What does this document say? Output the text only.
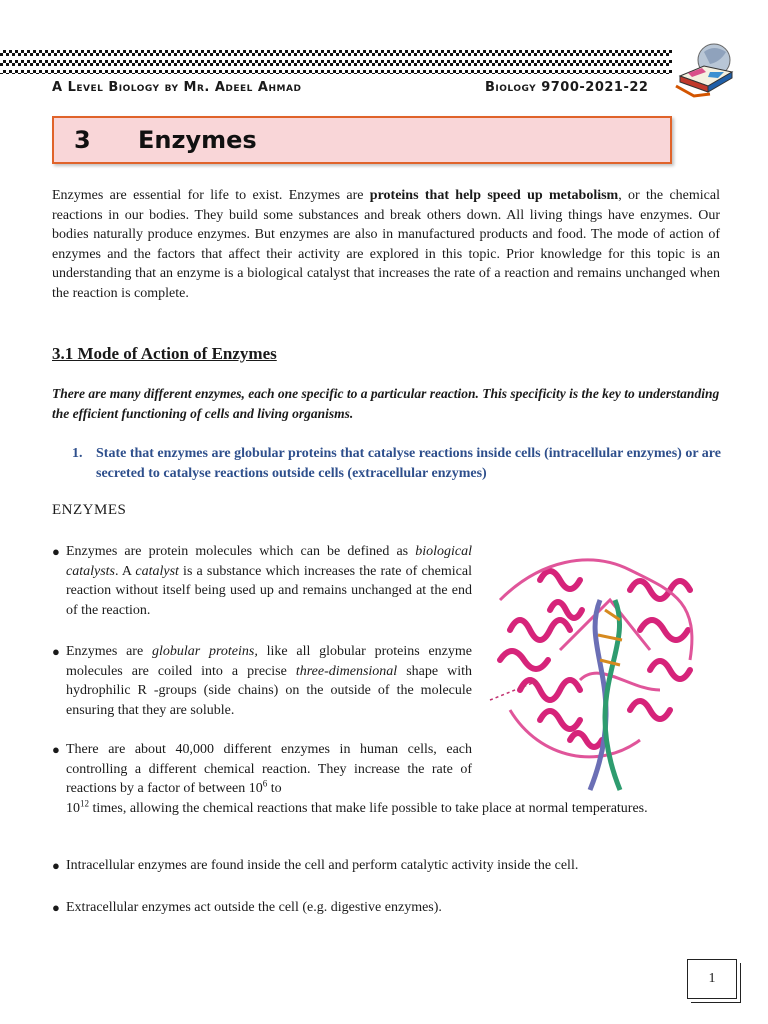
A Level Biology by Mr. Adeel Ahmad	Biology 9700-2021-22
3 Enzymes

Enzymes are essential for life to exist. Enzymes are proteins that help speed up metabolism, or the chemical reactions in our bodies. They build some substances and break others down. All living things have enzymes. Our bodies naturally produce enzymes. But enzymes are also in manufactured products and food. The mode of action of enzymes and the factors that affect their activity are explored in this topic. Prior knowledge for this topic is an understanding that an enzyme is a biological catalyst that increases the rate of a reaction and remains unchanged when the reaction is complete.

3.1 Mode of Action of Enzymes

There are many different enzymes, each one specific to a particular reaction. This specificity is the key to understanding the efficient functioning of cells and living organisms.

1. State that enzymes are globular proteins that catalyse reactions inside cells (intracellular enzymes) or are secreted to catalyse reactions outside cells (extracellular enzymes)
ENZYMES
● Enzymes are protein molecules which can be defined as biological catalysts. A catalyst is a substance which increases the rate of chemical reaction without itself being used up and remains unchanged at the end of the reaction.
● Enzymes are globular proteins, like all globular proteins enzyme molecules are coiled into a precise three-dimensional shape with hydrophilic R -groups (side chains) on the outside of the molecule ensuring that they are soluble.
● There are about 40,000 different enzymes in human cells, each controlling a different chemical reaction. They increase the rate of reactions by a factor of between $10^6$ to
$10^{12}$ times, allowing the chemical reactions that make life possible to take place at normal temperatures.
● Intracellular enzymes are found inside the cell and perform catalytic activity inside the cell.
● Extracellular enzymes act outside the cell (e.g. digestive enzymes).
1
